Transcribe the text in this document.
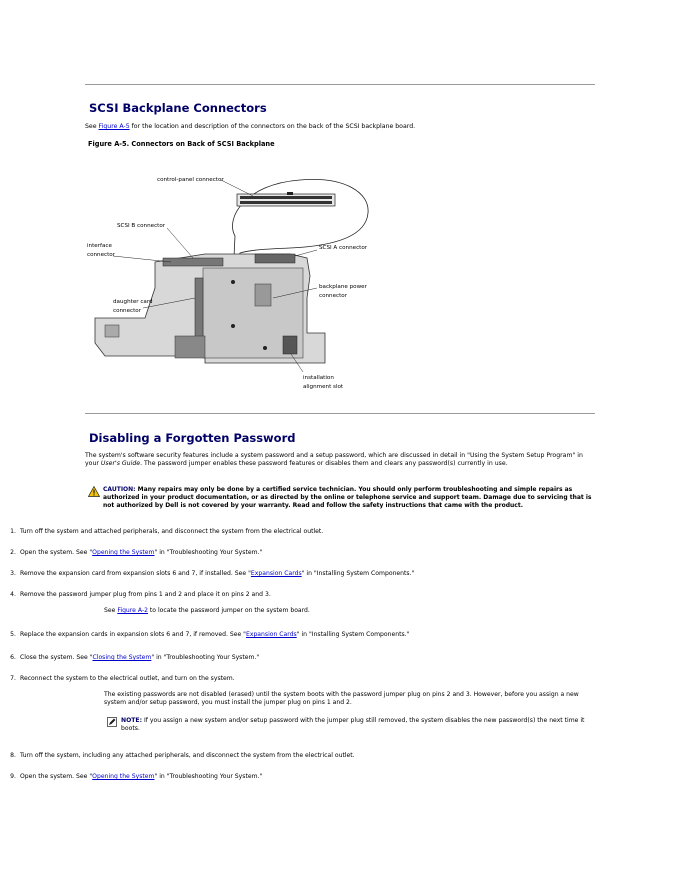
SCSI Backplane Connectors

See Figure A-5 for the location and description of the connectors on the back of the SCSI backplane board.

Figure A-5. Connectors on Back of SCSI Backplane

control-panel connector
SCSI B connector
interface
connector
SCSI A connector
backplane power
connector
daughter card
connector
installation
alignment slot
Disabling a Forgotten Password

The system's software security features include a system password and a setup password, which are discussed in detail in "Using the System Setup Program" in your User's Guide. The password jumper enables these password features or disables them and clears any password(s) currently in use.

CAUTION: Many repairs may only be done by a certified service technician. You should only perform troubleshooting and simple repairs as authorized in your product documentation, or as directed by the online or telephone service and support team. Damage due to servicing that is not authorized by Dell is not covered by your warranty. Read and follow the safety instructions that came with the product.

1. Turn off the system and attached peripherals, and disconnect the system from the electrical outlet.
2. Open the system. See "Opening the System" in "Troubleshooting Your System."
3. Remove the expansion card from expansion slots 6 and 7, if installed. See "Expansion Cards" in "Installing System Components."
4. Remove the password jumper plug from pins 1 and 2 and place it on pins 2 and 3.

See Figure A-2 to locate the password jumper on the system board.

5. Replace the expansion cards in expansion slots 6 and 7, if removed. See "Expansion Cards" in "Installing System Components."
6. Close the system. See "Closing the System" in "Troubleshooting Your System."
7. Reconnect the system to the electrical outlet, and turn on the system.

The existing passwords are not disabled (erased) until the system boots with the password jumper plug on pins 2 and 3. However, before you assign a new system and/or setup password, you must install the jumper plug on pins 1 and 2.

NOTE: If you assign a new system and/or setup password with the jumper plug still removed, the system disables the new password(s) the next time it boots.

8. Turn off the system, including any attached peripherals, and disconnect the system from the electrical outlet.
9. Open the system. See "Opening the System" in "Troubleshooting Your System."
